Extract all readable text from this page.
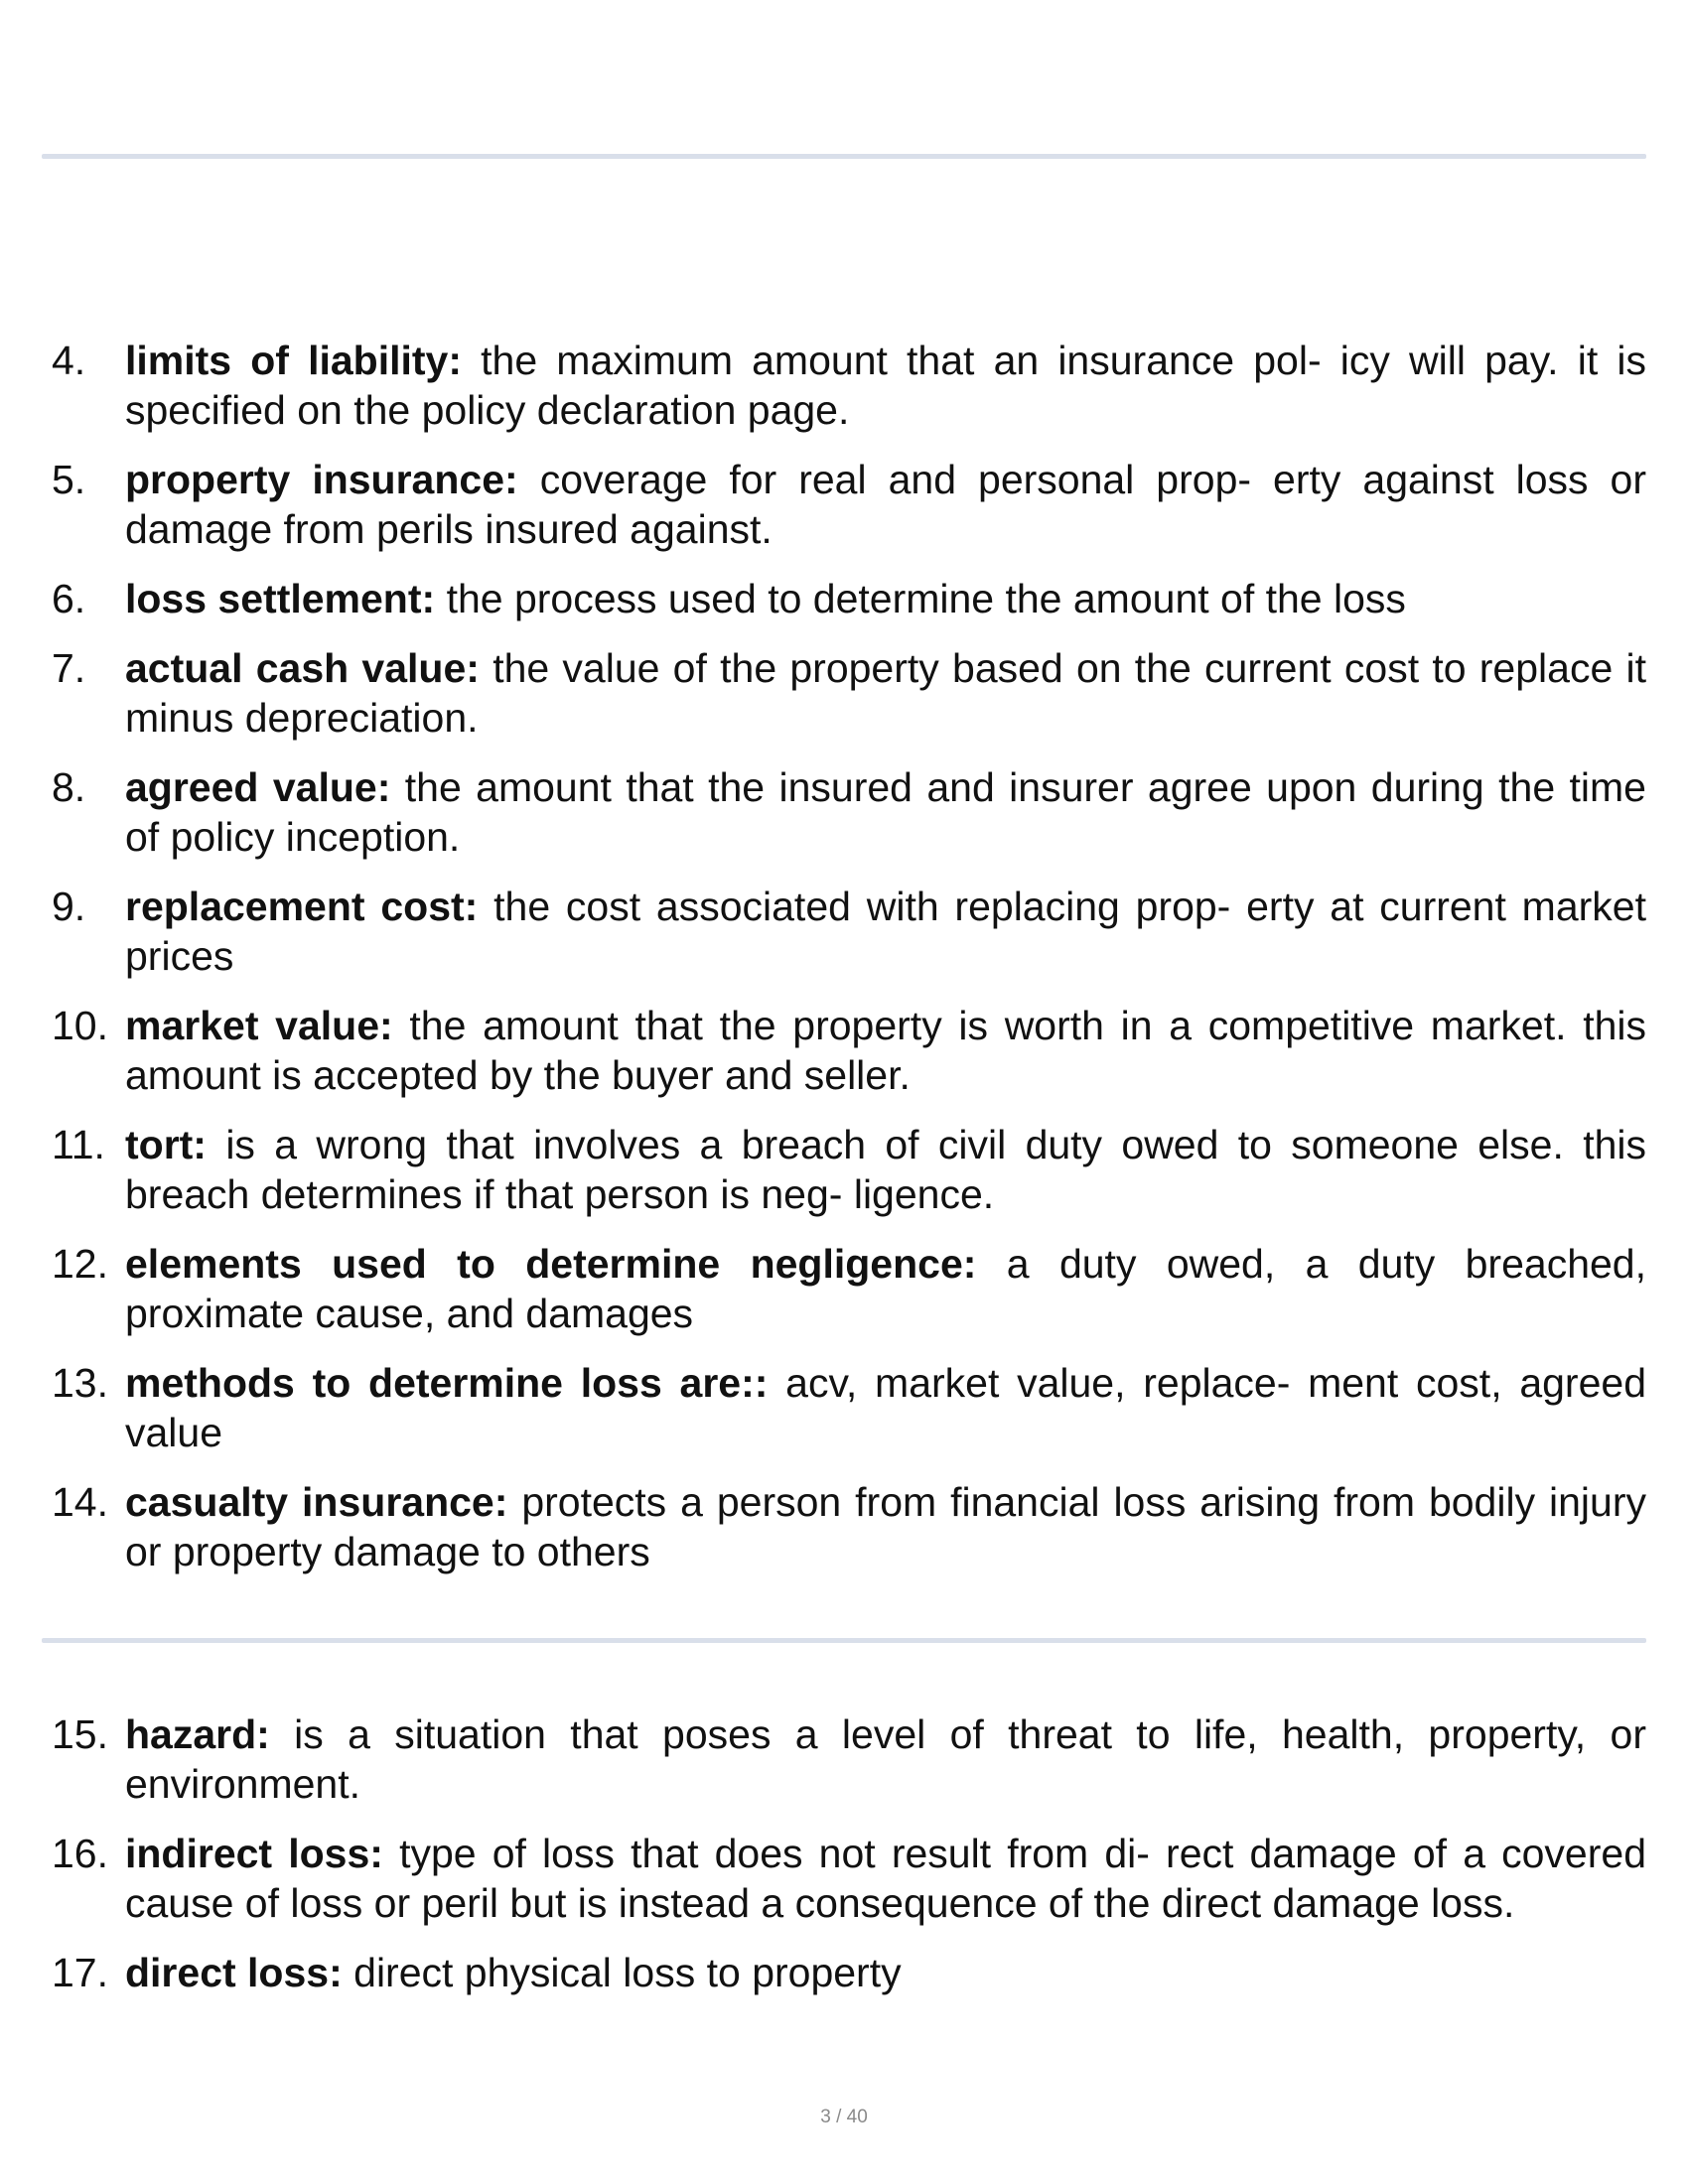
4. limits of liability: the maximum amount that an insurance pol- icy will pay. it is specified on the policy declaration page.
5. property insurance: coverage for real and personal prop- erty against loss or damage from perils insured against.
6. loss settlement: the process used to determine the amount of the loss
7. actual cash value: the value of the property based on the current cost to replace it minus depreciation.
8. agreed value: the amount that the insured and insurer agree upon during the time of policy inception.
9. replacement cost: the cost associated with replacing prop- erty at current market prices
10. market value: the amount that the property is worth in a competitive market. this amount is accepted by the buyer and seller.
11. tort: is a wrong that involves a breach of civil duty owed to someone else. this breach determines if that person is neg- ligence.
12. elements used to determine negligence: a duty owed, a duty breached, proximate cause, and damages
13. methods to determine loss are:: acv, market value, replace- ment cost, agreed value
14. casualty insurance: protects a person from financial loss arising from bodily injury or property damage to others
15. hazard: is a situation that poses a level of threat to life, health, property, or environment.
16. indirect loss: type of loss that does not result from di- rect damage of a covered cause of loss or peril but is instead a consequence of the direct damage loss.
17. direct loss: direct physical loss to property
3 / 40
